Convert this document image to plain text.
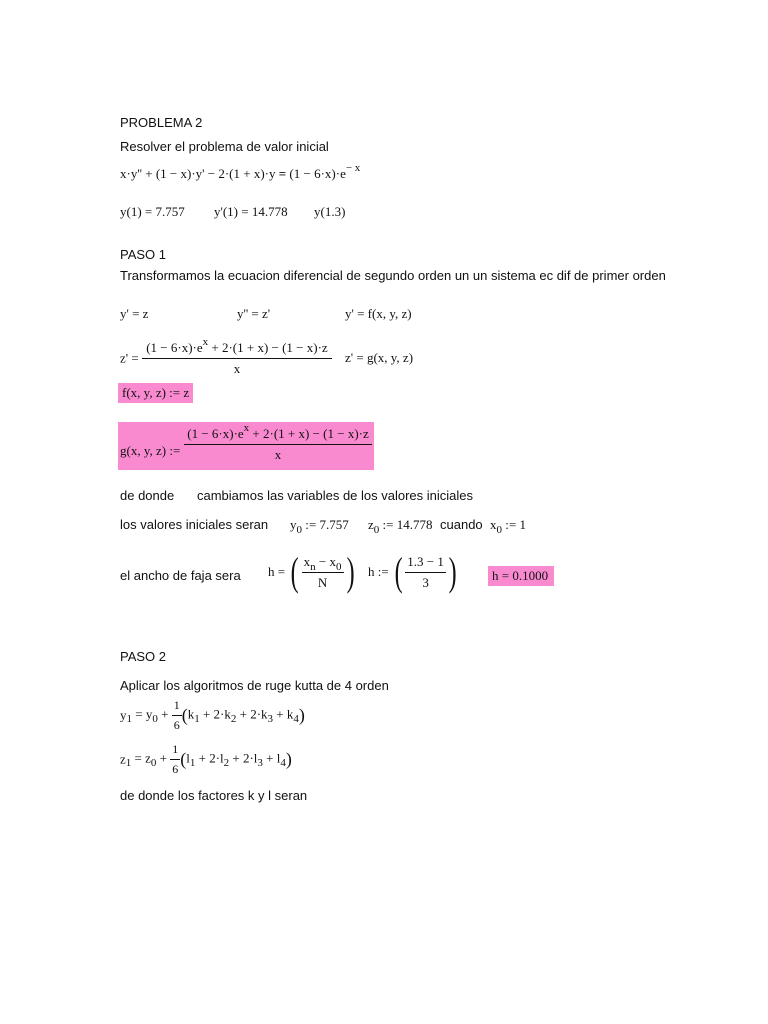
PROBLEMA 2
Resolver el problema de valor inicial
$x\cdot y'' + (1 - x)\cdot y' - 2\cdot(1 + x)\cdot y = (1 - 6\cdot x)\cdot e^{- x}$
y(1) = 7.757 y'(1) = 14.778 y(1.3)
PASO 1
Transformamos la ecuacion diferencial de segundo orden un un sistema ec dif de primer orden
y' = z	y'' = z'	y' = f(x, y, z)
$z' = \frac{(1 - 6\cdot x)\cdot e^x + 2\cdot(1 + x) - (1 - x)\cdot z}{x} z' = g(x$, y, z)
f(x, y, z) := z
g(x, y, z) := $\frac{(1 - 6\cdot x)\cdot e^x + 2\cdot(1 + x) - (1 - x)\cdot z}{x}$
de donde cambiamos las variables de los valores iniciales
los valores iniciales seran $y_0$ := 7.757 $z_0$ := 14.778 cuando $x_0$ := 1
el ancho de faja sera h = ( $\frac{x_n - x_0}{N}$ ) h := ( $\frac{1.3 - 1}{3}$ )	h = 0.1000
PASO 2
Aplicar los algoritmos de ruge kutta de 4 orden
$y_1 = y_0 + \frac{1}{6} (k_1 + 2\cdot k_2 + 2\cdot k_3 + k_4)$
$z_1 = z_0 + \frac{1}{6} (l_1 + 2\cdot l_2 + 2\cdot l_3 + l_4)$
de donde los factores k y l seran
